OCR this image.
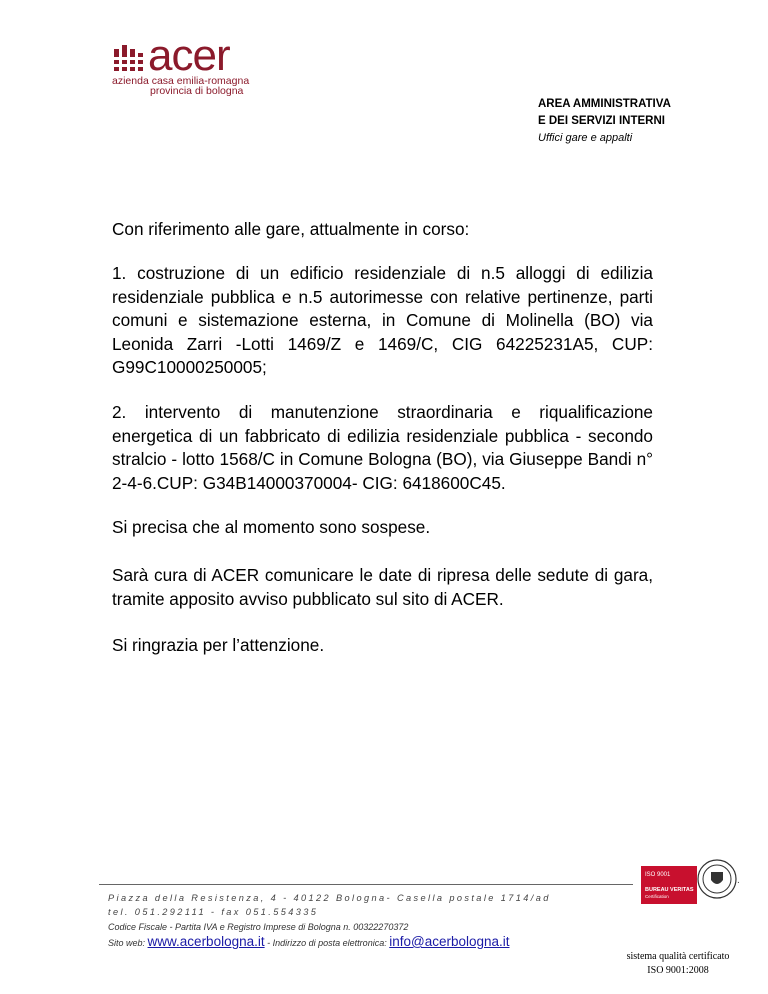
acer
azienda casa emilia-romagna
provincia di bologna
AREA AMMINISTRATIVA
E DEI SERVIZI INTERNI
Uffici gare e appalti
Con riferimento alle gare, attualmente in corso:
1. costruzione di un edificio residenziale di n.5 alloggi di edilizia residenziale pubblica e n.5 autorimesse con relative pertinenze, parti comuni e sistemazione esterna, in Comune di Molinella (BO) via Leonida Zarri -Lotti 1469/Z e 1469/C, CIG 64225231A5, CUP: G99C10000250005;
2. intervento di manutenzione straordinaria e riqualificazione energetica di un fabbricato di edilizia residenziale pubblica - secondo stralcio - lotto 1568/C in Comune Bologna (BO), via Giuseppe Bandi n° 2-4-6.CUP: G34B14000370004- CIG: 6418600C45.
Si precisa che al momento sono sospese.
Sarà cura di ACER comunicare le date di ripresa delle sedute di gara, tramite apposito avviso pubblicato sul sito di ACER.
Si ringrazia per l’attenzione.
.
Piazza della Resistenza, 4 - 40122 Bologna- Casella postale 1714/ad
tel. 051.292111 - fax 051.554335
Codice Fiscale - Partita IVA e Registro Imprese di Bologna n. 00322270372
Sito web: www.acerbologna.it - Indirizzo di posta elettronica: info@acerbologna.it
ISO 9001
BUREAU VERITAS
Certification
sistema qualità certificato
ISO 9001:2008
